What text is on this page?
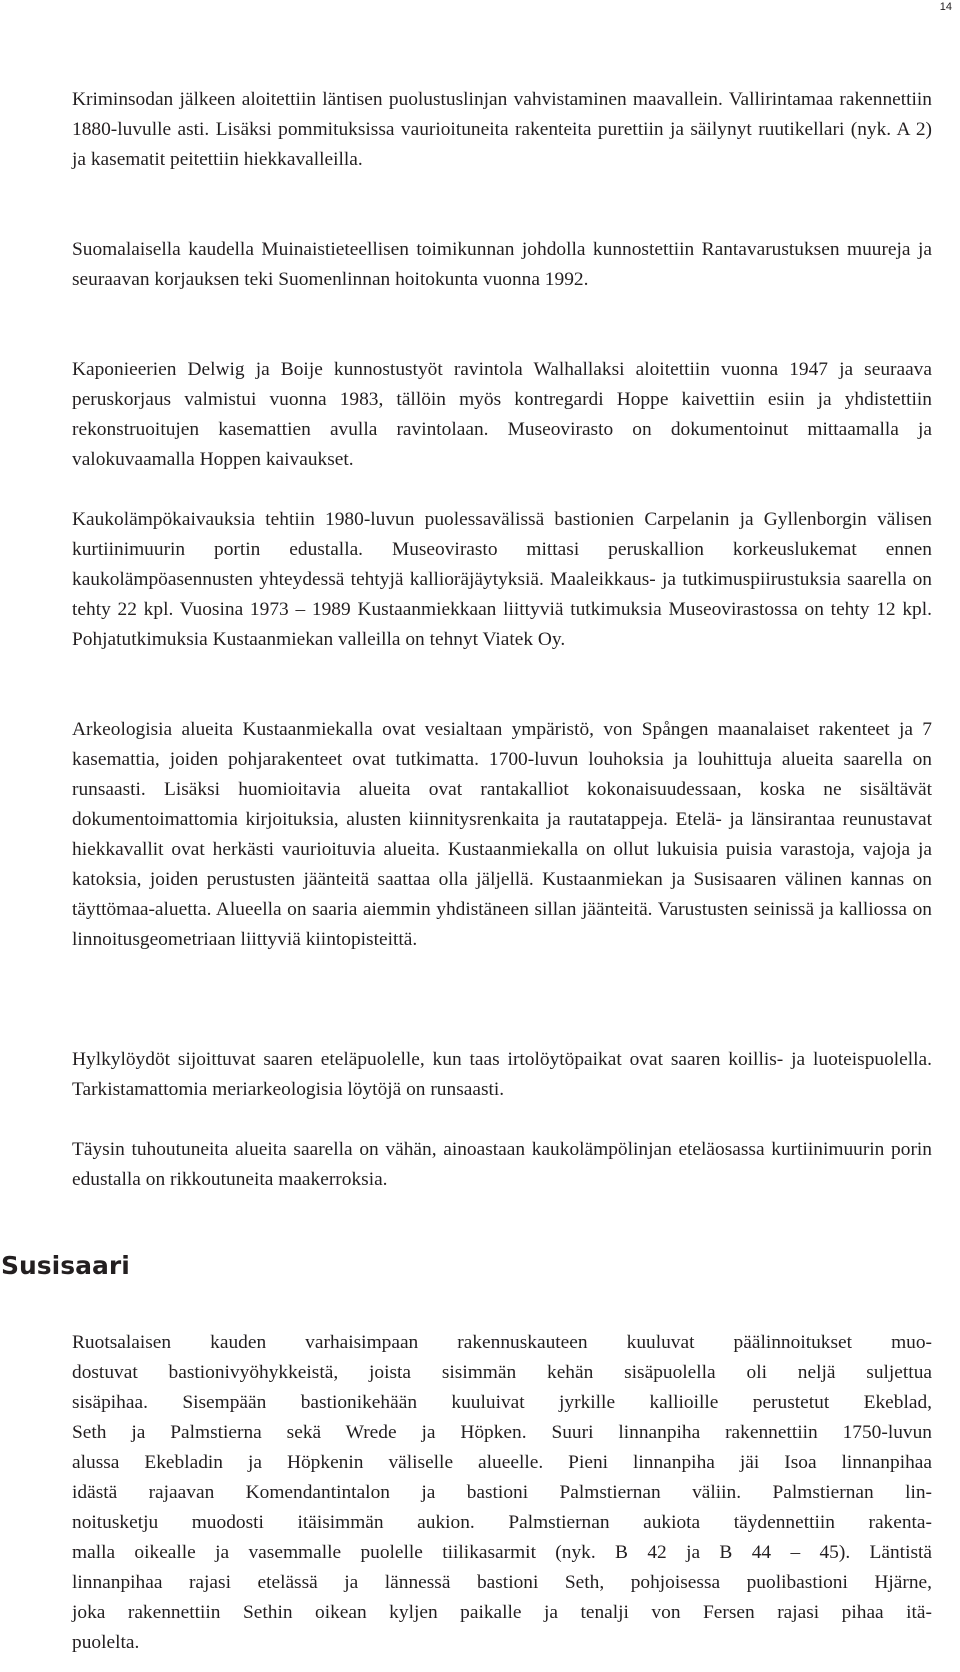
14

Kriminsodan jälkeen aloitettiin läntisen puolustuslinjan vahvistaminen maavallein. Vallirintamaa rakennettiin 1880-luvulle asti. Lisäksi pommituksissa vaurioituneita rakenteita purettiin ja säilynyt ruutikellari (nyk. A 2) ja kasematit peitettiin hiekkavalleilla.

Suomalaisella kaudella Muinaistieteellisen toimikunnan johdolla kunnostettiin Rantavarustuksen muureja ja seuraavan korjauksen teki Suomenlinnan hoitokunta vuonna 1992.

Kaponieerien Delwig ja Boije kunnostustyöt ravintola Walhallaksi aloitettiin vuonna 1947 ja seuraava peruskorjaus valmistui vuonna 1983, tällöin myös kontregardi Hoppe kaivettiin esiin ja yhdistettiin rekonstruoitujen kasemattien avulla ravintolaan. Museovirasto on dokumentoinut mittaamalla ja valokuvaamalla Hoppen kaivaukset.

Kaukolämpökaivauksia tehtiin 1980-luvun puolessavälissä bastionien Carpelanin ja Gyllenborgin välisen kurtiinimuurin portin edustalla. Museovirasto mittasi peruskallion korkeuslukemat ennen kaukolämpöasennusten yhteydessä tehtyjä kallioräjäytyksiä. Maaleikkaus- ja tutkimuspiirustuksia saarella on tehty 22 kpl. Vuosina 1973 – 1989 Kustaanmiekkaan liittyviä tutkimuksia Museovirastossa on tehty 12 kpl. Pohjatutkimuksia Kustaanmiekan valleilla on tehnyt Viatek Oy.

Arkeologisia alueita Kustaanmiekalla ovat vesialtaan ympäristö, von Spången maanalaiset rakenteet ja 7 kasemattia, joiden pohjarakenteet ovat tutkimatta. 1700-luvun louhoksia ja louhittuja alueita saarella on runsaasti. Lisäksi huomioitavia alueita ovat rantakalliot kokonaisuudessaan, koska ne sisältävät dokumentoimattomia kirjoituksia, alusten kiinnitysrenkaita ja rautatappeja. Etelä- ja länsirantaa reunustavat hiekkavallit ovat herkästi vaurioituvia alueita. Kustaanmiekalla on ollut lukuisia puisia varastoja, vajoja ja katoksia, joiden perustusten jäänteitä saattaa olla jäljellä. Kustaanmiekan ja Susisaaren välinen kannas on täyttömaa-aluetta. Alueella on saaria aiemmin yhdistäneen sillan jäänteitä. Varustusten seinissä ja kalliossa on linnoitusgeometriaan liittyviä kiintopisteittä.

Hylkylöydöt sijoittuvat saaren eteläpuolelle, kun taas irtolöytöpaikat ovat saaren koillis- ja luoteispuolella. Tarkistamattomia meriarkeologisia löytöjä on runsaasti.

Täysin tuhoutuneita alueita saarella on vähän, ainoastaan kaukolämpölinjan eteläosassa kurtiinimuurin porin edustalla on rikkoutuneita maakerroksia.

Susisaari

Ruotsalaisen kauden varhaisimpaan rakennuskauteen kuuluvat päälinnoitukset muo-
dostuvat bastionivyöhykkeistä, joista sisimmän kehän sisäpuolella oli neljä suljettua
sisäpihaa. Sisempään bastionikehään kuuluivat jyrkille kallioille perustetut Ekeblad,
Seth ja Palmstierna sekä Wrede ja Höpken. Suuri linnanpiha rakennettiin 1750-luvun
alussa Ekebladin ja Höpkenin väliselle alueelle. Pieni linnanpiha jäi Isoa linnanpihaa
idästä rajaavan Komendantintalon ja bastioni Palmstiernan väliin. Palmstiernan lin-
noitusketju muodosti itäisimmän aukion. Palmstiernan aukiota täydennettiin rakenta-
malla oikealle ja vasemmalle puolelle tiilikasarmit (nyk. B 42 ja B 44 – 45). Läntistä
linnanpihaa rajasi etelässä ja lännessä bastioni Seth, pohjoisessa puolibastioni Hjärne,
joka rakennettiin Sethin oikean kyljen paikalle ja tenalji von Fersen rajasi pihaa itä-
puolelta.
